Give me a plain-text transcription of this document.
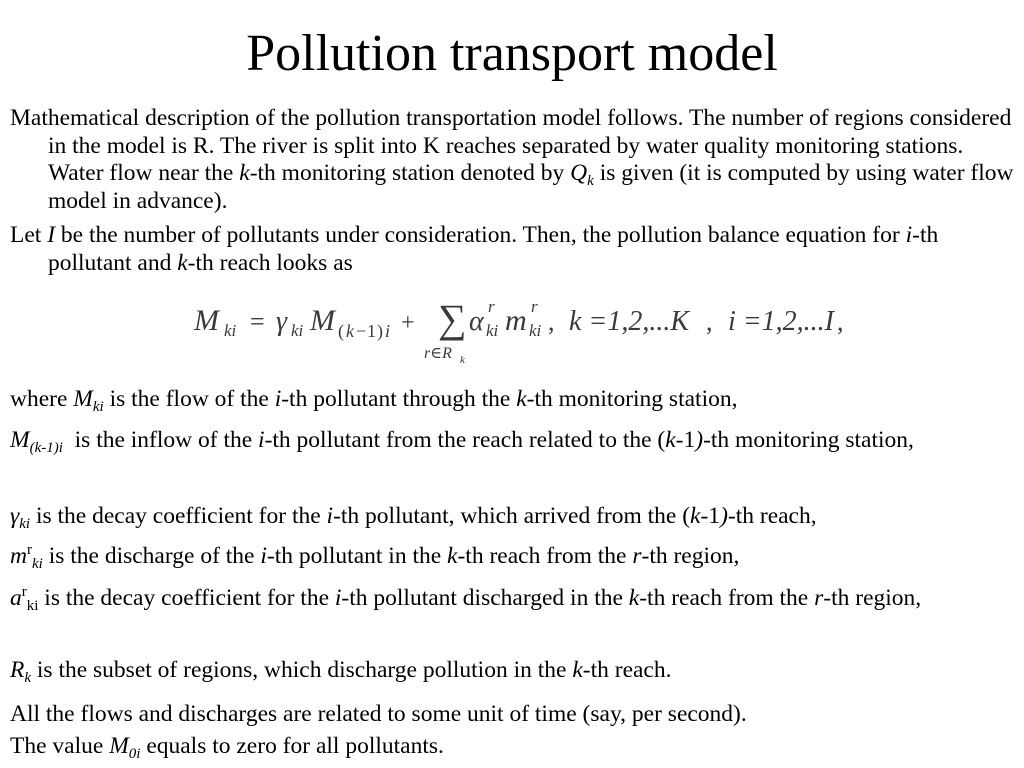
Pollution transport model

Mathematical description of the pollution transportation model follows. The number of regions considered in the model is R. The river is split into K reaches separated by water quality monitoring stations. Water flow near the k-th monitoring station denoted by $Q_k$ is given (it is computed by using water flow model in advance).

Let I be the number of pollutants under consideration. Then, the pollution balance equation for i-th pollutant and k-th reach looks as

M ki = γ ki M ( k − 1 ) i + ∑
r∈R k
α r
ki m r
ki , k =1,2,...K , i =1,2,...I ,

where $M_{ki}$ is the flow of the i-th pollutant through the k-th monitoring station,

$M_{(k-1)i}$  is the inflow of the i-th pollutant from the reach related to the (k-1)-th monitoring station,

$\gamma_{ki}$ is the decay coefficient for the i-th pollutant, which arrived from the (k-1)-th reach,

$m^r_{ki}$ is the discharge of the i-th pollutant in the k-th reach from the r-th region,

$a^r_{ki}$ is the decay coefficient for the i-th pollutant discharged in the k-th reach from the r-th region,

$R_k$ is the subset of regions, which discharge pollution in the k-th reach.

All the flows and discharges are related to some unit of time (say, per second).

The value $M_{0i}$ equals to zero for all pollutants.
